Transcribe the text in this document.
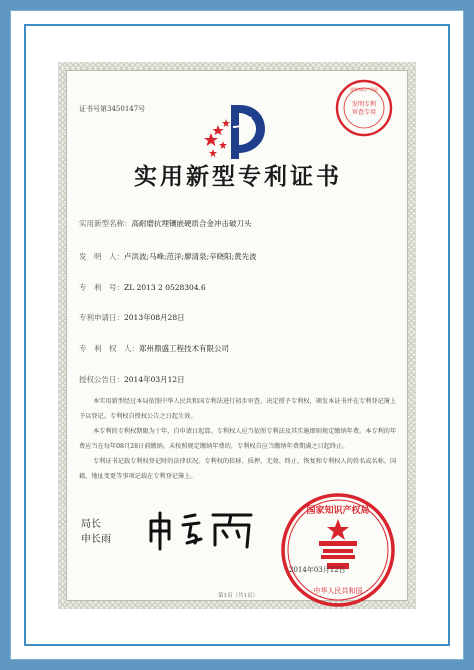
证书号第3450147号
发明专利
审查专用
国家知识产权局
实用新型专利证书
实用新型名称：高耐磨抗埋镶嵌硬质合金冲击破刀头
发　明　人：卢洪波;马峰;范洋;廖清泉;辛晓阳;黄先波
专　利　号：ZL 2013 2 0528304.6
专利申请日：2013年08月28日
专　利　权　人：郑州鼎盛工程技术有限公司
授权公告日：2014年03月12日

本实用新型经过本局依照中华人民共和国专利法进行初步审查，决定授予专利权，颁发本证书并在专利登记簿上予以登记。专利权自授权公告之日起生效。

本专利的专利权期限为十年，自申请日起算。专利权人应当依照专利法及其实施细则规定缴纳年费。本专利的年费应当在每年08月28日前缴纳。未按照规定缴纳年费的，专利权自应当缴纳年费期满之日起终止。

专利证书记载专利权登记时的法律状况。专利权的转移、质押、无效、终止、恢复和专利权人的姓名或名称、国籍、地址变更等事项记载在专利登记簿上。

局长
申长雨
国家知识产权局
中华人民共和国
2014年03月12日
第1页（共1页）
